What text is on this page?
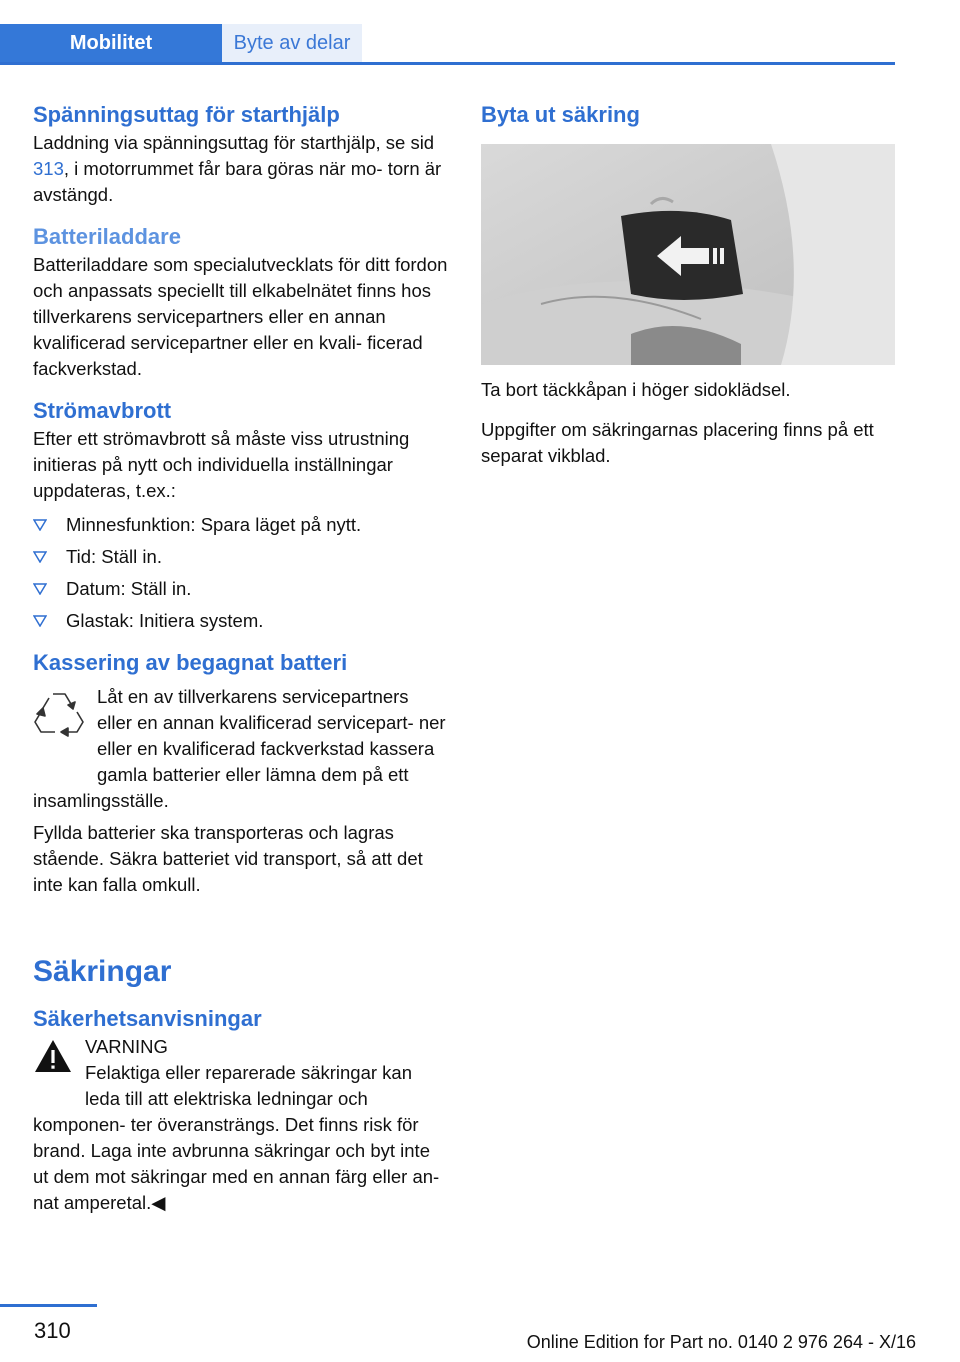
Mobilitet	Byte av delar
Spänningsuttag för starthjälp

Laddning via spänningsuttag för starthjälp, se sid 313, i motorrummet får bara göras när mo‐ torn är avstängd.

Batteriladdare

Batteriladdare som specialutvecklats för ditt fordon och anpassats speciellt till elkabelnätet finns hos tillverkarens servicepartners eller en annan kvalificerad servicepartner eller en kvali‐ ficerad fackverkstad.

Strömavbrott

Efter ett strömavbrott så måste viss utrustning initieras på nytt och individuella inställningar uppdateras, t.ex.:

Minnesfunktion: Spara läget på nytt.
Tid: Ställ in.
Datum: Ställ in.
Glastak: Initiera system.
Kassering av begagnat batteri

Låt en av tillverkarens servicepartners eller en annan kvalificerad servicepart‐ ner eller en kvalificerad fackverkstad kassera gamla batterier eller lämna dem på ett insamlingsställe.

Fyllda batterier ska transporteras och lagras stående. Säkra batteriet vid transport, så att det inte kan falla omkull.

Säkringar
Säkerhetsanvisningar

VARNING

Felaktiga eller reparerade säkringar kan leda till att elektriska ledningar och komponen‐ ter överansträngs. Det finns risk för brand. Laga inte avbrunna säkringar och byt inte ut dem mot säkringar med en annan färg eller an‐ nat amperetal.◀

Byta ut säkring

Ta bort täckkåpan i höger sidoklädsel.

Uppgifter om säkringarnas placering finns på ett separat vikblad.

310	Online Edition for Part no. 0140 2 976 264 - X/16
